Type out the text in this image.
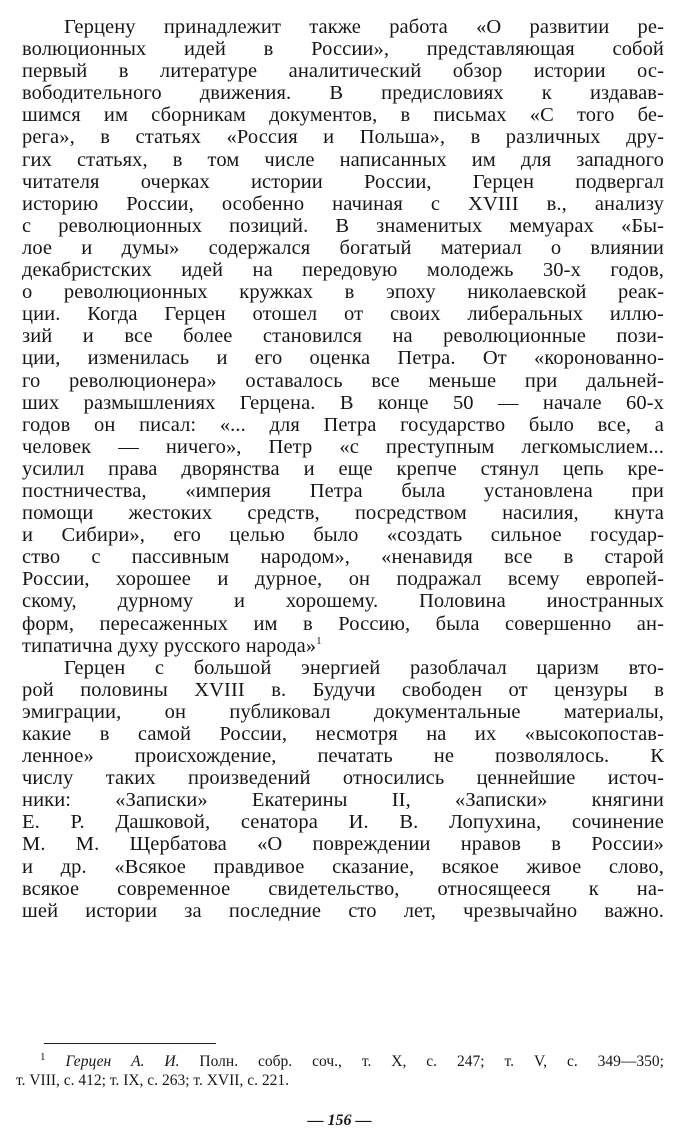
Герцену принадлежит также работа «О развитии ре-
волюционных идей в России», представляющая собой
первый в литературе аналитический обзор истории ос-
вободительного движения. В предисловиях к издавав-
шимся им сборникам документов, в письмах «С того бе-
рега», в статьях «Россия и Польша», в различных дру-
гих статьях, в том числе написанных им для западного
читателя очерках истории России, Герцен подвергал
историю России, особенно начиная с XVIII в., анализу
с революционных позиций. В знаменитых мемуарах «Бы-
лое и думы» содержался богатый материал о влиянии
декабристских идей на передовую молодежь 30-х годов,
о революционных кружках в эпоху николаевской реак-
ции. Когда Герцен отошел от своих либеральных иллю-
зий и все более становился на революционные пози-
ции, изменилась и его оценка Петра. От «коронованно-
го революционера» оставалось все меньше при дальней-
ших размышлениях Герцена. В конце 50 — начале 60-х
годов он писал: «... для Петра государство было все, а
человек — ничего», Петр «с преступным легкомыслием...
усилил права дворянства и еще крепче стянул цепь кре-
постничества, «империя Петра была установлена при
помощи жестоких средств, посредством насилия, кнута
и Сибири», его целью было «создать сильное государ-
ство с пассивным народом», «ненавидя все в старой
России, хорошее и дурное, он подражал всему европей-
скому, дурному и хорошему. Половина иностранных
форм, пересаженных им в Россию, была совершенно ан-
типатична духу русского народа»$^1$
Герцен с большой энергией разоблачал царизм вто-
рой половины XVIII в. Будучи свободен от цензуры в
эмиграции, он публиковал документальные материалы,
какие в самой России, несмотря на их «высокопостав-
ленное» происхождение, печатать не позволялось. К
числу таких произведений относились ценнейшие источ-
ники: «Записки» Екатерины II, «Записки» княгини
Е. Р. Дашковой, сенатора И. В. Лопухина, сочинение
М. М. Щербатова «О повреждении нравов в России»
и др. «Всякое правдивое сказание, всякое живое слово,
всякое современное свидетельство, относящееся к на-
шей истории за последние сто лет, чрезвычайно важно.
$^1$ Герцен А. И. Полн. собр. соч., т. X, с. 247; т. V, с. 349—350;
т. VIII, с. 412; т. IX, с. 263; т. XVII, с. 221.
— 156 —
